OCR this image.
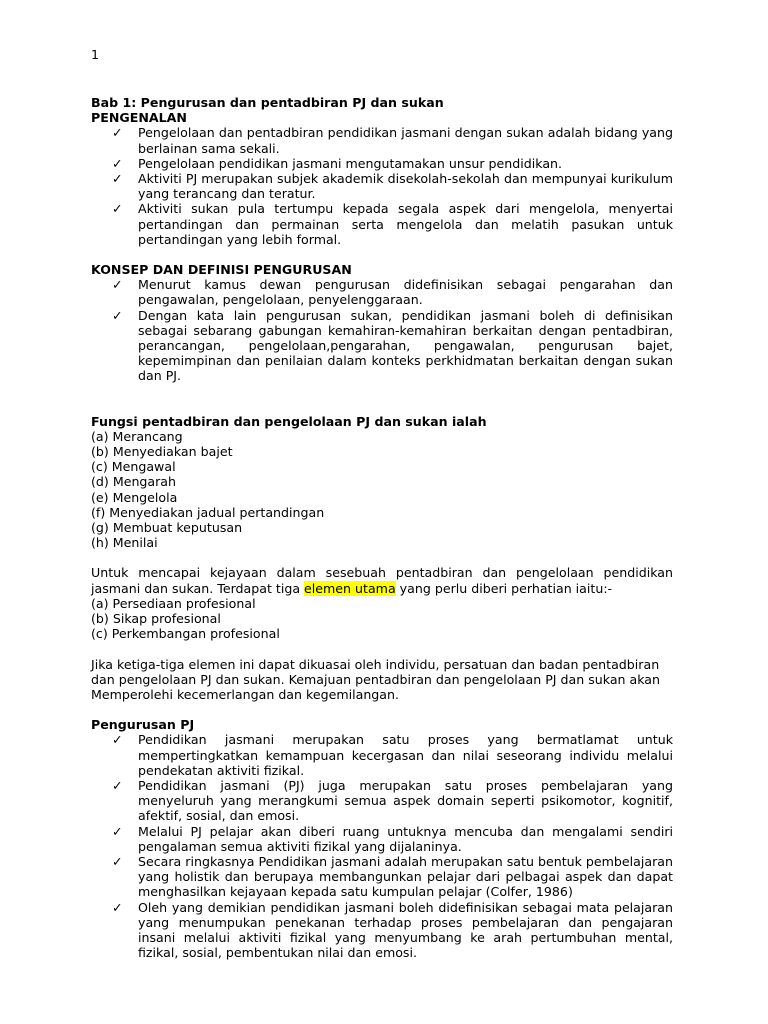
1
Bab 1: Pengurusan dan pentadbiran PJ dan sukan
PENGENALAN
✓ Pengelolaan dan pentadbiran pendidikan jasmani dengan sukan adalah bidang yang berlainan sama sekali.
✓ Pengelolaan pendidikan jasmani mengutamakan unsur pendidikan.
✓ Aktiviti PJ merupakan subjek akademik disekolah-sekolah dan mempunyai kurikulum yang terancang dan teratur.
✓ Aktiviti sukan pula tertumpu kepada segala aspek dari mengelola, menyertai pertandingan dan permainan serta mengelola dan melatih pasukan untuk pertandingan yang lebih formal.
KONSEP DAN DEFINISI PENGURUSAN
✓ Menurut kamus dewan pengurusan didefinisikan sebagai pengarahan dan pengawalan, pengelolaan, penyelenggaraan.
✓ Dengan kata lain pengurusan sukan, pendidikan jasmani boleh di definisikan sebagai sebarang gabungan kemahiran-kemahiran berkaitan dengan pentadbiran, perancangan, pengelolaan,pengarahan, pengawalan, pengurusan bajet, kepemimpinan dan penilaian dalam konteks perkhidmatan berkaitan dengan sukan dan PJ.
Fungsi pentadbiran dan pengelolaan PJ dan sukan ialah
(a) Merancang
(b) Menyediakan bajet
(c) Mengawal
(d) Mengarah
(e) Mengelola
(f) Menyediakan jadual pertandingan
(g) Membuat keputusan
(h) Menilai
Untuk mencapai kejayaan dalam sesebuah pentadbiran dan pengelolaan pendidikan jasmani dan sukan. Terdapat tiga elemen utama yang perlu diberi perhatian iaitu:-
(a) Persediaan profesional
(b) Sikap profesional
(c) Perkembangan profesional
Jika ketiga-tiga elemen ini dapat dikuasai oleh individu, persatuan dan badan pentadbiran dan pengelolaan PJ dan sukan. Kemajuan pentadbiran dan pengelolaan PJ dan sukan akan Memperolehi kecemerlangan dan kegemilangan.
Pengurusan PJ
✓ Pendidikan jasmani merupakan satu proses yang bermatlamat untuk mempertingkatkan kemampuan kecergasan dan nilai seseorang individu melalui pendekatan aktiviti fizikal.
✓ Pendidikan jasmani (PJ) juga merupakan satu proses pembelajaran yang menyeluruh yang merangkumi semua aspek domain seperti psikomotor, kognitif, afektif, sosial, dan emosi.
✓ Melalui PJ pelajar akan diberi ruang untuknya mencuba dan mengalami sendiri pengalaman semua aktiviti fizikal yang dijalaninya.
✓ Secara ringkasnya Pendidikan jasmani adalah merupakan satu bentuk pembelajaran yang holistik dan berupaya membangunkan pelajar dari pelbagai aspek dan dapat menghasilkan kejayaan kepada satu kumpulan pelajar (Colfer, 1986)
✓ Oleh yang demikian pendidikan jasmani boleh didefinisikan sebagai mata pelajaran yang menumpukan penekanan terhadap proses pembelajaran dan pengajaran insani melalui aktiviti fizikal yang menyumbang ke arah pertumbuhan mental, fizikal, sosial, pembentukan nilai dan emosi.
